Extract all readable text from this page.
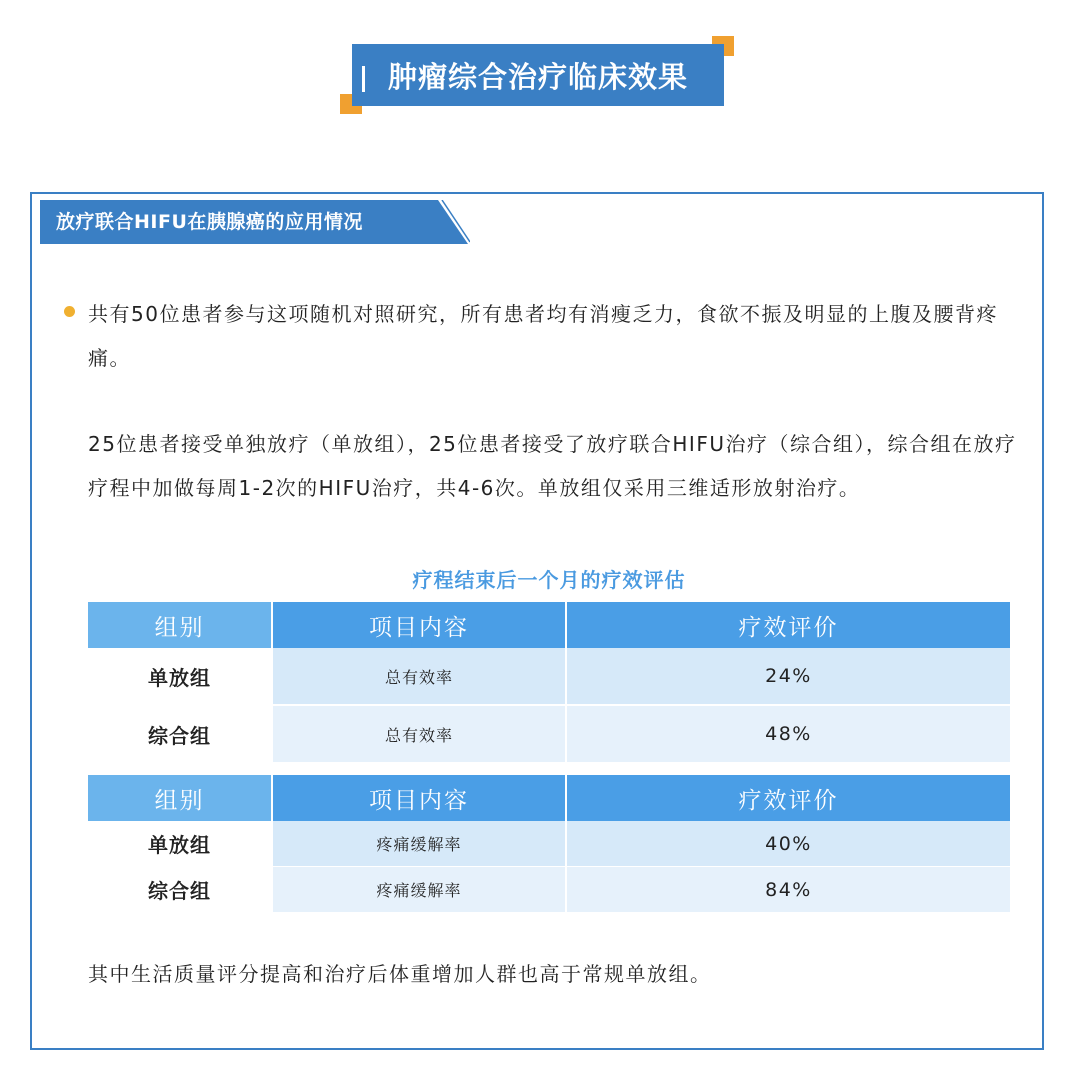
肿瘤综合治疗临床效果
放疗联合HIFU在胰腺癌的应用情况
共有50位患者参与这项随机对照研究，所有患者均有消瘦乏力，食欲不振及明显的上腹及腰背疼痛。
25位患者接受单独放疗（单放组），25位患者接受了放疗联合HIFU治疗（综合组），综合组在放疗疗程中加做每周1-2次的HIFU治疗，共4-6次。单放组仅采用三维适形放射治疗。
疗程结束后一个月的疗效评估
组别	项目内容	疗效评价
单放组	总有效率	24%
综合组	总有效率	48%
组别	项目内容	疗效评价
单放组	疼痛缓解率	40%
综合组	疼痛缓解率	84%
其中生活质量评分提高和治疗后体重增加人群也高于常规单放组。
